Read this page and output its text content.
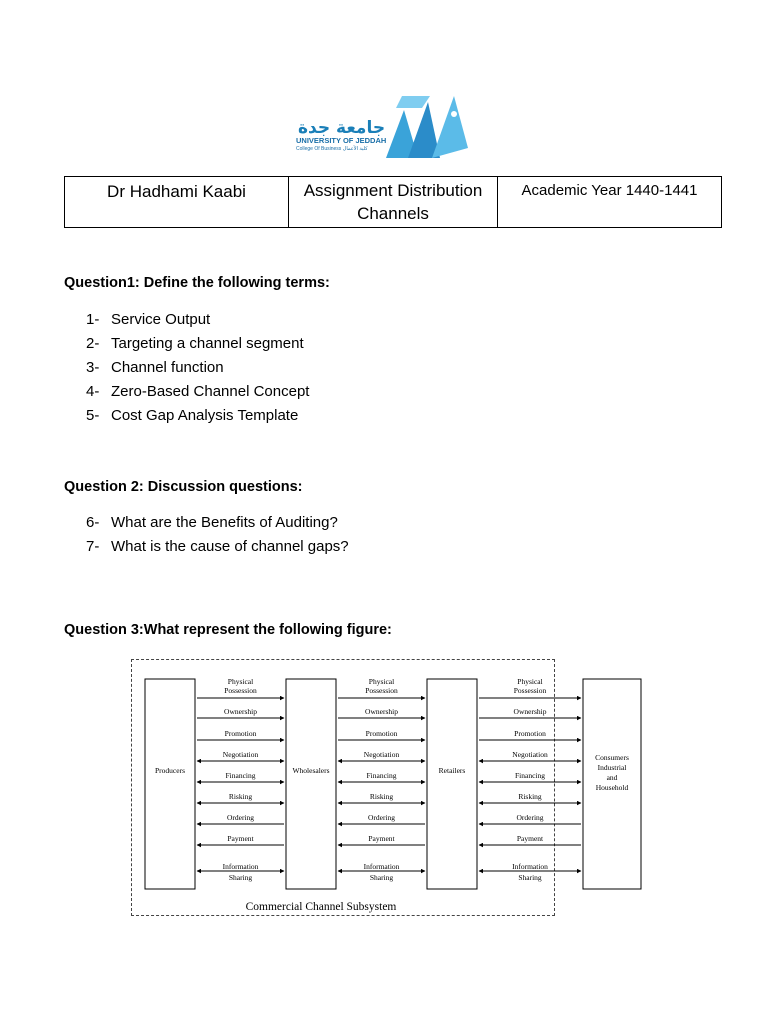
جامعة جدة
UNIVERSITY OF JEDDAH
College Of Business كلية الأعمال
Dr Hadhami Kaabi	Assignment Distribution Channels	Academic Year 1440-1441
Question1: Define the following terms:
1- Service Output
2- Targeting a channel segment
3- Channel function
4- Zero-Based Channel Concept
5- Cost Gap Analysis Template
Question 2: Discussion questions:
6- What are the Benefits of Auditing?
7- What is the cause of channel gaps?
Question 3:What represent the following figure:
Producers	Wholesalers	Retailers
Consumers
Industrial
and
Household
Physical
Possession
Physical
Possession
Physical
Possession
Ownership	Ownership	Ownership
Promotion	Promotion	Promotion
Negotiation	Negotiation	Negotiation
Financing	Financing	Financing
Risking	Risking	Risking
Ordering	Ordering	Ordering
Payment	Payment	Payment
Information
Sharing
Information
Sharing
Information
Sharing
Commercial Channel Subsystem
